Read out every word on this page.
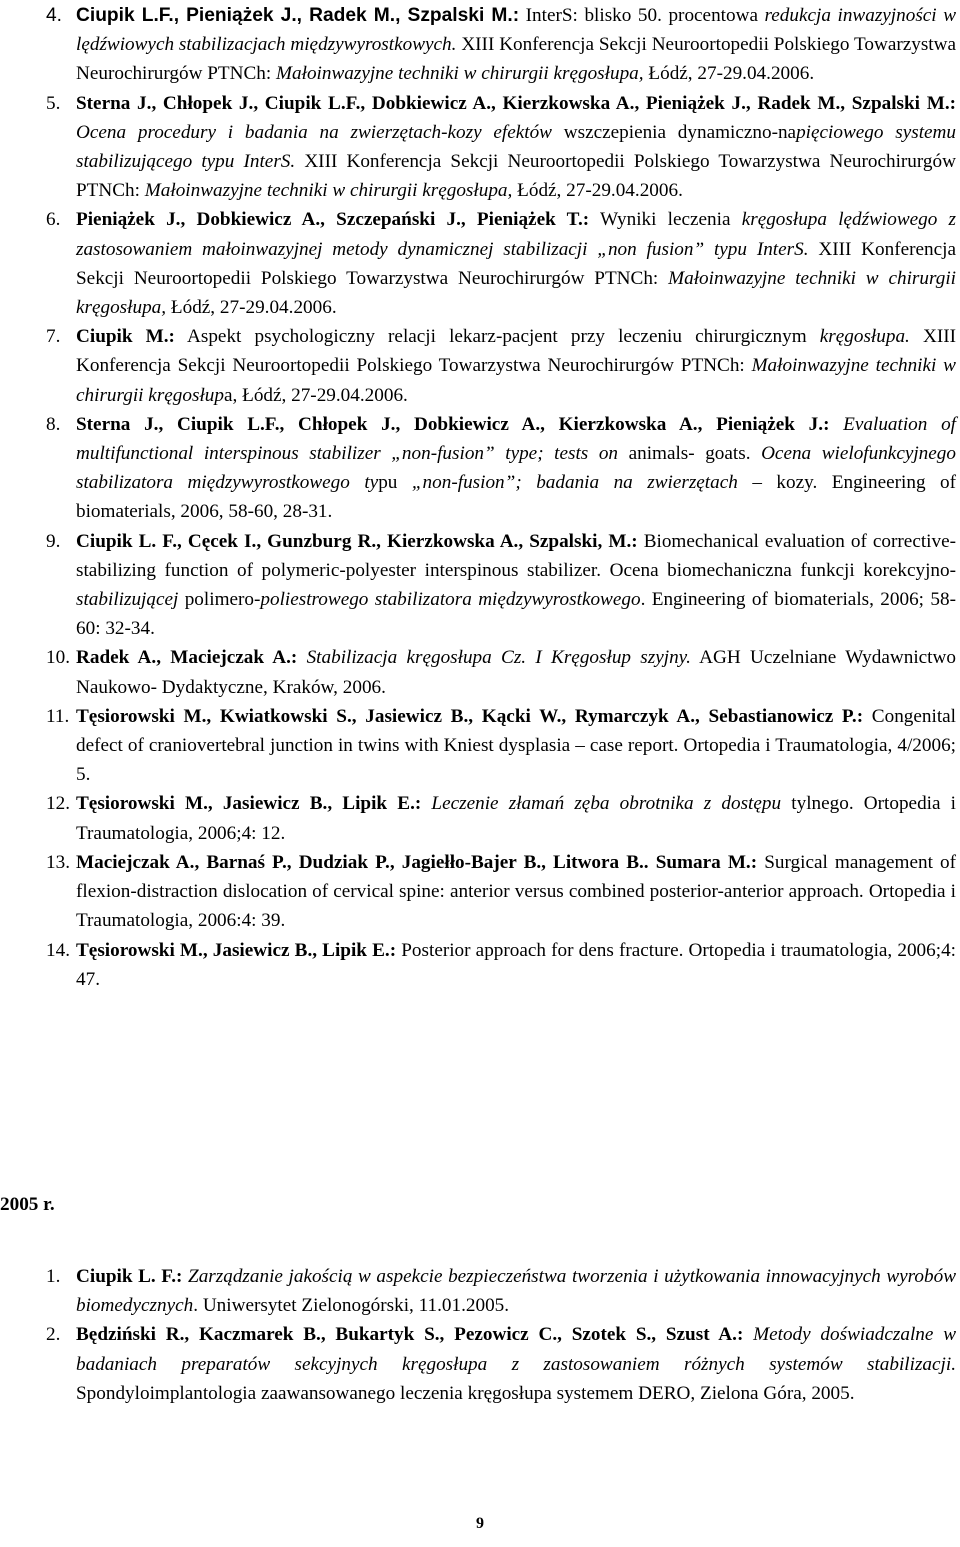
4. Ciupik L.F., Pieniążek J., Radek M., Szpalski M.: InterS: blisko 50. procentowa redukcja inwazyjności w lędźwiowych stabilizacjach międzywyrostkowych. XIII Konferencja Sekcji Neuroortopedii Polskiego Towarzystwa Neurochirurgów PTNCh: Małoinwazyjne techniki w chirurgii kręgosłupa, Łódź, 27-29.04.2006.
5. Sterna J., Chłopek J., Ciupik L.F., Dobkiewicz A., Kierzkowska A., Pieniążek J., Radek M., Szpalski M.: Ocena procedury i badania na zwierzętach-kozy efektów wszczepienia dynamiczno-napięciowego systemu stabilizującego typu InterS. XIII Konferencja Sekcji Neuroortopedii Polskiego Towarzystwa Neurochirurgów PTNCh: Małoinwazyjne techniki w chirurgii kręgosłupa, Łódź, 27-29.04.2006.
6. Pieniążek J., Dobkiewicz A., Szczepański J., Pieniążek T.: Wyniki leczenia kręgosłupa lędźwiowego z zastosowaniem małoinwazyjnej metody dynamicznej stabilizacji „non fusion” typu InterS. XIII Konferencja Sekcji Neuroortopedii Polskiego Towarzystwa Neurochirurgów PTNCh: Małoinwazyjne techniki w chirurgii kręgosłupa, Łódź, 27-29.04.2006.
7. Ciupik M.: Aspekt psychologiczny relacji lekarz-pacjent przy leczeniu chirurgicznym kręgosłupa. XIII Konferencja Sekcji Neuroortopedii Polskiego Towarzystwa Neurochirurgów PTNCh: Małoinwazyjne techniki w chirurgii kręgosłupa, Łódź, 27-29.04.2006.
8. Sterna J., Ciupik L.F., Chłopek J., Dobkiewicz A., Kierzkowska A., Pieniążek J.: Evaluation of multifunctional interspinous stabilizer „non-fusion” type; tests on animals- goats. Ocena wielofunkcyjnego stabilizatora międzywyrostkowego typu „non-fusion”; badania na zwierzętach – kozy. Engineering of biomaterials, 2006, 58-60, 28-31.
9. Ciupik L. F., Cęcek I., Gunzburg R., Kierzkowska A., Szpalski, M.: Biomechanical evaluation of corrective-stabilizing function of polymeric-polyester interspinous stabilizer. Ocena biomechaniczna funkcji korekcyjno-stabilizującej polimero-poliestrowego stabilizatora międzywyrostkowego. Engineering of biomaterials, 2006; 58-60: 32-34.
10. Radek A., Maciejczak A.: Stabilizacja kręgosłupa Cz. I Kręgosłup szyjny. AGH Uczelniane Wydawnictwo Naukowo- Dydaktyczne, Kraków, 2006.
11. Tęsiorowski M., Kwiatkowski S., Jasiewicz B., Kącki W., Rymarczyk A., Sebastianowicz P.: Congenital defect of craniovertebral junction in twins with Kniest dysplasia – case report. Ortopedia i Traumatologia, 4/2006; 5.
12. Tęsiorowski M., Jasiewicz B., Lipik E.: Leczenie złamań zęba obrotnika z dostępu tylnego. Ortopedia i Traumatologia, 2006;4: 12.
13. Maciejczak A., Barnaś P., Dudziak P., Jagiełło-Bajer B., Litwora B.. Sumara M.: Surgical management of flexion-distraction dislocation of cervical spine: anterior versus combined posterior-anterior approach. Ortopedia i Traumatologia, 2006:4: 39.
14. Tęsiorowski M., Jasiewicz B., Lipik E.: Posterior approach for dens fracture. Ortopedia i traumatologia, 2006;4: 47.
2005 r.
1. Ciupik L. F.: Zarządzanie jakością w aspekcie bezpieczeństwa tworzenia i użytkowania innowacyjnych wyrobów biomedycznych. Uniwersytet Zielonogórski, 11.01.2005.
2. Będziński R., Kaczmarek B., Bukartyk S., Pezowicz C., Szotek S., Szust A.: Metody doświadczalne w badaniach preparatów sekcyjnych kręgosłupa z zastosowaniem różnych systemów stabilizacji. Spondyloimplantologia zaawansowanego leczenia kręgosłupa systemem DERO, Zielona Góra, 2005.
9
